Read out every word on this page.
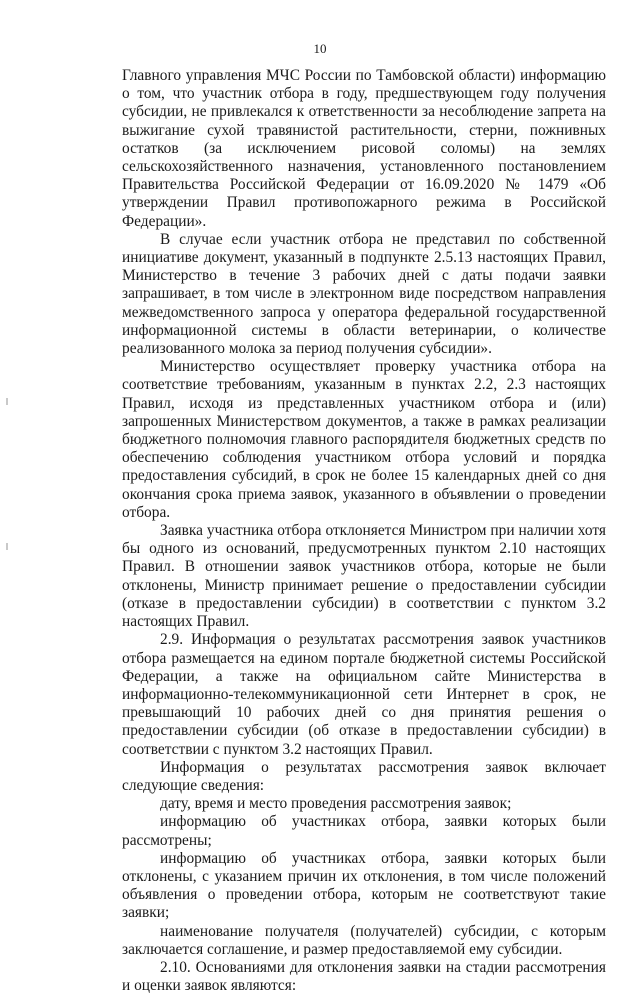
10

Главного управления МЧС России по Тамбовской области) информацию о том, что участник отбора в году, предшествующем году получения субсидии, не привлекался к ответственности за несоблюдение запрета на выжигание сухой травянистой растительности, стерни, пожнивных остатков (за исключением рисовой соломы) на землях сельскохозяйственного назначения, установленного постановлением Правительства Российской Федерации от 16.09.2020 № 1479 «Об утверждении Правил противопожарного режима в Российской Федерации».

В случае если участник отбора не представил по собственной инициативе документ, указанный в подпункте 2.5.13 настоящих Правил, Министерство в течение 3 рабочих дней с даты подачи заявки запрашивает, в том числе в электронном виде посредством направления межведомственного запроса у оператора федеральной государственной информационной системы в области ветеринарии, о количестве реализованного молока за период получения субсидии».

Министерство осуществляет проверку участника отбора на соответствие требованиям, указанным в пунктах 2.2, 2.3 настоящих Правил, исходя из представленных участником отбора и (или) запрошенных Министерством документов, а также в рамках реализации бюджетного полномочия главного распорядителя бюджетных средств по обеспечению соблюдения участником отбора условий и порядка предоставления субсидий, в срок не более 15 календарных дней со дня окончания срока приема заявок, указанного в объявлении о проведении отбора.

Заявка участника отбора отклоняется Министром при наличии хотя бы одного из оснований, предусмотренных пунктом 2.10 настоящих Правил. В отношении заявок участников отбора, которые не были отклонены, Министр принимает решение о предоставлении субсидии (отказе в предоставлении субсидии) в соответствии с пунктом 3.2 настоящих Правил.

2.9. Информация о результатах рассмотрения заявок участников отбора размещается на едином портале бюджетной системы Российской Федерации, а также на официальном сайте Министерства в информационно-телекоммуникационной сети Интернет в срок, не превышающий 10 рабочих дней со дня принятия решения о предоставлении субсидии (об отказе в предоставлении субсидии) в соответствии с пунктом 3.2 настоящих Правил.

Информация о результатах рассмотрения заявок включает следующие сведения:

дату, время и место проведения рассмотрения заявок;

информацию об участниках отбора, заявки которых были рассмотрены;

информацию об участниках отбора, заявки которых были отклонены, с указанием причин их отклонения, в том числе положений объявления о проведении отбора, которым не соответствуют такие заявки;

наименование получателя (получателей) субсидии, с которым заключается соглашение, и размер предоставляемой ему субсидии.

2.10. Основаниями для отклонения заявки на стадии рассмотрения и оценки заявок являются:
